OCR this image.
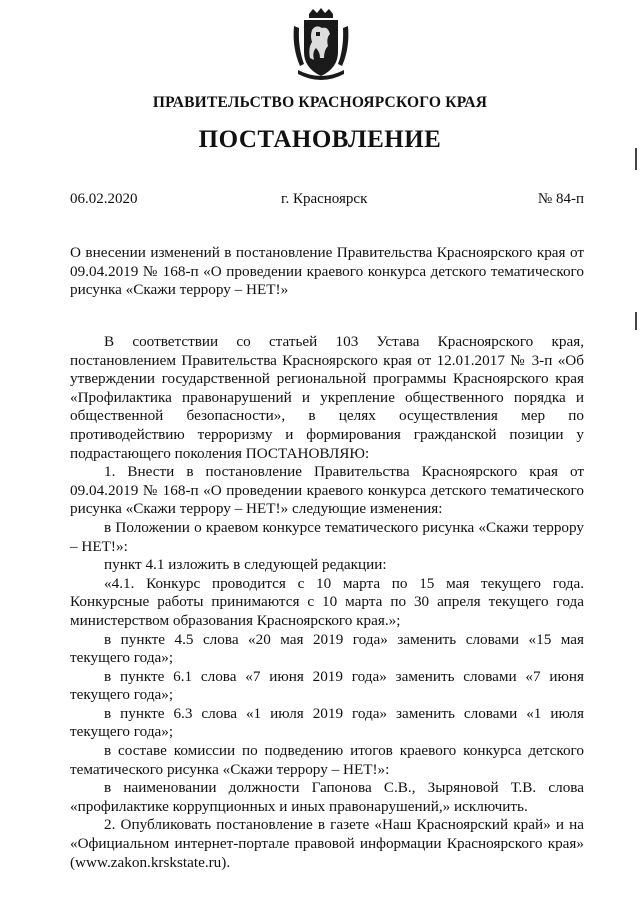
ПРАВИТЕЛЬСТВО КРАСНОЯРСКОГО КРАЯ
ПОСТАНОВЛЕНИЕ
06.02.2020	г. Красноярск	№ 84-п
О внесении изменений в постановление Правительства Красноярского края от 09.04.2019 № 168-п «О проведении краевого конкурса детского тематического рисунка «Скажи террору – НЕТ!»

В соответствии со статьей 103 Устава Красноярского края, постановлением Правительства Красноярского края от 12.01.2017 № 3-п «Об утверждении государственной региональной программы Красноярского края «Профилактика правонарушений и укрепление общественного порядка и общественной безопасности», в целях осуществления мер по противодействию терроризму и формирования гражданской позиции у подрастающего поколения ПОСТАНОВЛЯЮ:

1. Внести в постановление Правительства Красноярского края от 09.04.2019 № 168-п «О проведении краевого конкурса детского тематического рисунка «Скажи террору – НЕТ!» следующие изменения:

в Положении о краевом конкурсе тематического рисунка «Скажи террору – НЕТ!»:

пункт 4.1 изложить в следующей редакции:

«4.1. Конкурс проводится с 10 марта по 15 мая текущего года. Конкурсные работы принимаются с 10 марта по 30 апреля текущего года министерством образования Красноярского края.»;

в пункте 4.5 слова «20 мая 2019 года» заменить словами «15 мая текущего года»;

в пункте 6.1 слова «7 июня 2019 года» заменить словами «7 июня текущего года»;

в пункте 6.3 слова «1 июля 2019 года» заменить словами «1 июля текущего года»;

в составе комиссии по подведению итогов краевого конкурса детского тематического рисунка «Скажи террору – НЕТ!»:

в наименовании должности Гапонова С.В., Зыряновой Т.В. слова «профилактике коррупционных и иных правонарушений,» исключить.

2. Опубликовать постановление в газете «Наш Красноярский край» и на «Официальном интернет-портале правовой информации Красноярского края» (www.zakon.krskstate.ru).
